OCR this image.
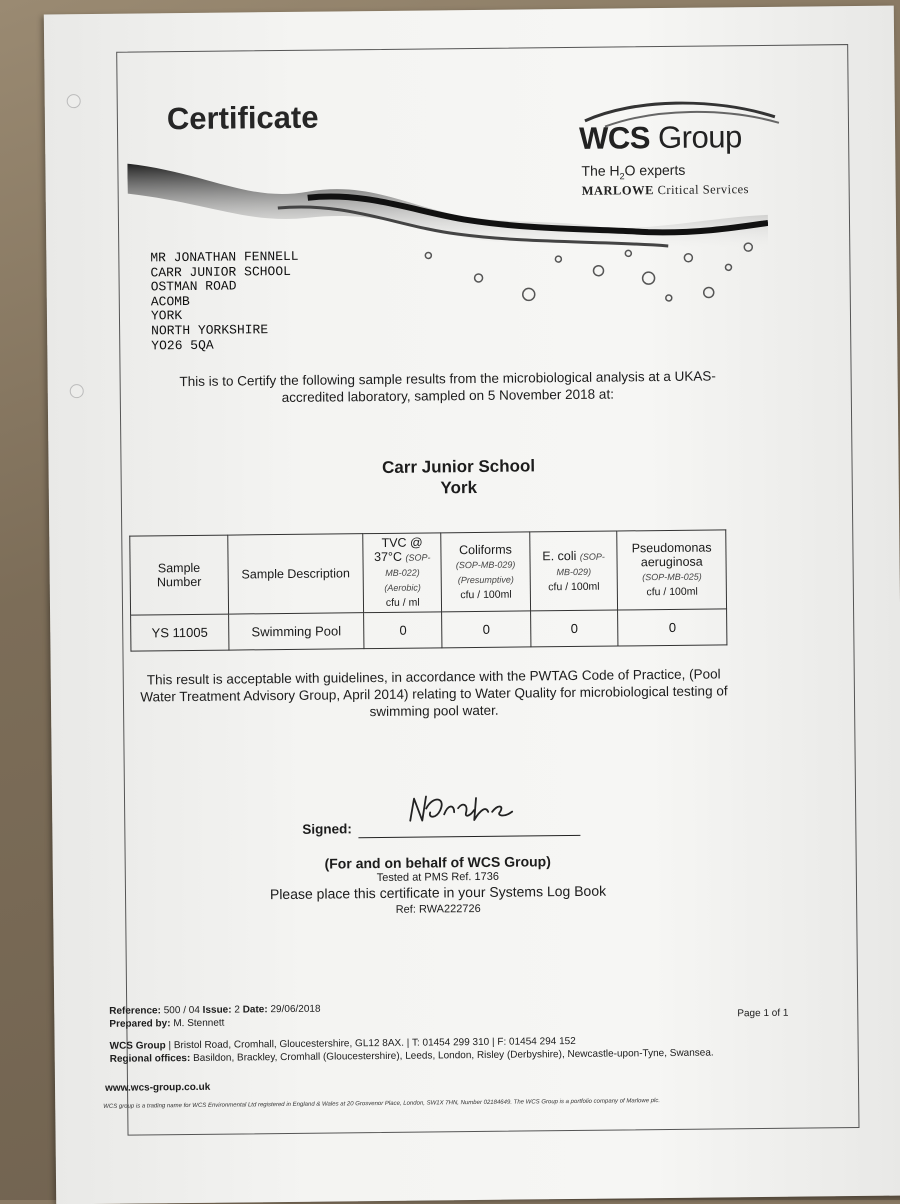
Certificate
WCS Group
The $H_2O$ experts
MARLOWE Critical Services
MR JONATHAN FENNELL
CARR JUNIOR SCHOOL
OSTMAN ROAD
ACOMB
YORK
NORTH YORKSHIRE
YO26 5QA
This is to Certify the following sample results from the microbiological analysis at a UKAS-accredited laboratory, sampled on 5 November 2018 at:
Carr Junior School
York
Sample Number	Sample Description	TVC @ 37°C (SOP-MB-022)
(Aerobic)
cfu / ml	Coliforms
(SOP-MB-029)
(Presumptive)
cfu / 100ml	E. coli (SOP-MB-029)
cfu / 100ml	Pseudomonas aeruginosa
(SOP-MB-025)
cfu / 100ml
YS 11005	Swimming Pool	0	0	0	0
This result is acceptable with guidelines, in accordance with the PWTAG Code of Practice, (Pool Water Treatment Advisory Group, April 2014) relating to Water Quality for microbiological testing of swimming pool water.
Signed:
(For and on behalf of WCS Group)
Tested at PMS Ref. 1736
Please place this certificate in your Systems Log Book
Ref: RWA222726
Reference: 500 / 04 Issue: 2 Date: 29/06/2018
Prepared by: M. Stennett
Page 1 of 1
WCS Group | Bristol Road, Cromhall, Gloucestershire, GL12 8AX. | T: 01454 299 310 | F: 01454 294 152
Regional offices: Basildon, Brackley, Cromhall (Gloucestershire), Leeds, London, Risley (Derbyshire), Newcastle-upon-Tyne, Swansea.
www.wcs-group.co.uk
WCS group is a trading name for WCS Environmental Ltd registered in England & Wales at 20 Grosvenor Place, London, SW1X 7HN, Number 02184649. The WCS Group is a portfolio company of Marlowe plc.
